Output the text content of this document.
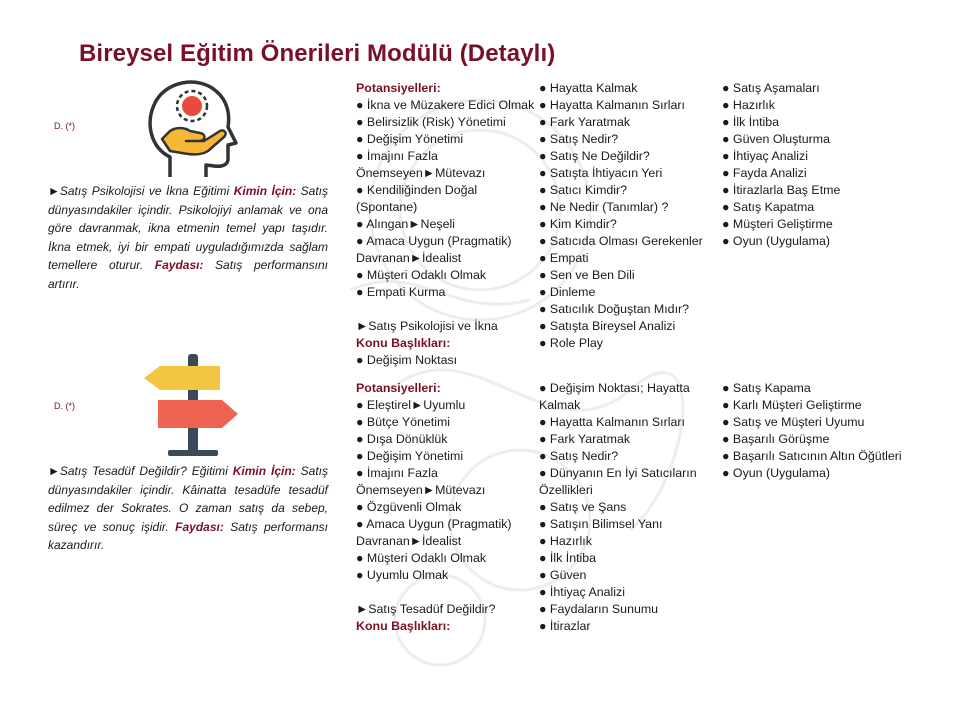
Bireysel Eğitim Önerileri Modülü (Detaylı)
D. (*)

►Satış Psikolojisi ve İkna Eğitimi Kimin İçin: Satış dünyasındakiler içindir. Psikolojiyi anlamak ve ona göre davranmak, ikna etmenin temel yapı taşıdır. İkna etmek, iyi bir empati uyguladığımızda sağlam temellere oturur. Faydası: Satış performansını artırır.

Potansiyelleri:
● İkna ve Müzakere Edici Olmak
● Belirsizlik (Risk) Yönetimi
● Değişim Yönetimi
● İmajını Fazla
Önemseyen►Mütevazı
● Kendiliğinden Doğal (Spontane)
● Alıngan►Neşeli
● Amaca Uygun (Pragmatik)
Davranan►İdealist
● Müşteri Odaklı Olmak
● Empati Kurma
►Satış Psikolojisi ve İkna
Konu Başlıkları:
● Değişim Noktası
● Hayatta Kalmak
● Hayatta Kalmanın Sırları
● Fark Yaratmak
● Satış Nedir?
● Satış Ne Değildir?
● Satışta İhtiyacın Yeri
● Satıcı Kimdir?
● Ne Nedir (Tanımlar) ?
● Kim Kimdir?
● Satıcıda Olması Gerekenler
● Empati
● Sen ve Ben Dili
● Dinleme
● Satıcılık Doğuştan Mıdır?
● Satışta Bireysel Analizi
● Role Play
● Satış Aşamaları
● Hazırlık
● İlk İntiba
● Güven Oluşturma
● İhtiyaç Analizi
● Fayda Analizi
● İtirazlarla Baş Etme
● Satış Kapatma
● Müşteri Geliştirme
● Oyun (Uygulama)
D. (*)

►Satış Tesadüf Değildir? Eğitimi Kimin İçin: Satış dünyasındakiler içindir. Kâinatta tesadüfe tesadüf edilmez der Sokrates. O zaman satış da sebep, süreç ve sonuç işidir. Faydası: Satış performansı kazandırır.

Potansiyelleri:
● Eleştirel►Uyumlu
● Bütçe Yönetimi
● Dışa Dönüklük
● Değişim Yönetimi
● İmajını Fazla
Önemseyen►Mütevazı
● Özgüvenli Olmak
● Amaca Uygun (Pragmatik)
Davranan►İdealist
● Müşteri Odaklı Olmak
● Uyumlu Olmak
►Satış Tesadüf Değildir?
Konu Başlıkları:
● Değişim Noktası; Hayatta
Kalmak
● Hayatta Kalmanın Sırları
● Fark Yaratmak
● Satış Nedir?
● Dünyanın En İyi Satıcıların
Özellikleri
● Satış ve Şans
● Satışın Bilimsel Yanı
● Hazırlık
● İlk İntiba
● Güven
● İhtiyaç Analizi
● Faydaların Sunumu
● İtirazlar
● Satış Kapama
● Karlı Müşteri Geliştirme
● Satış ve Müşteri Uyumu
● Başarılı Görüşme
● Başarılı Satıcının Altın Öğütleri
● Oyun (Uygulama)
